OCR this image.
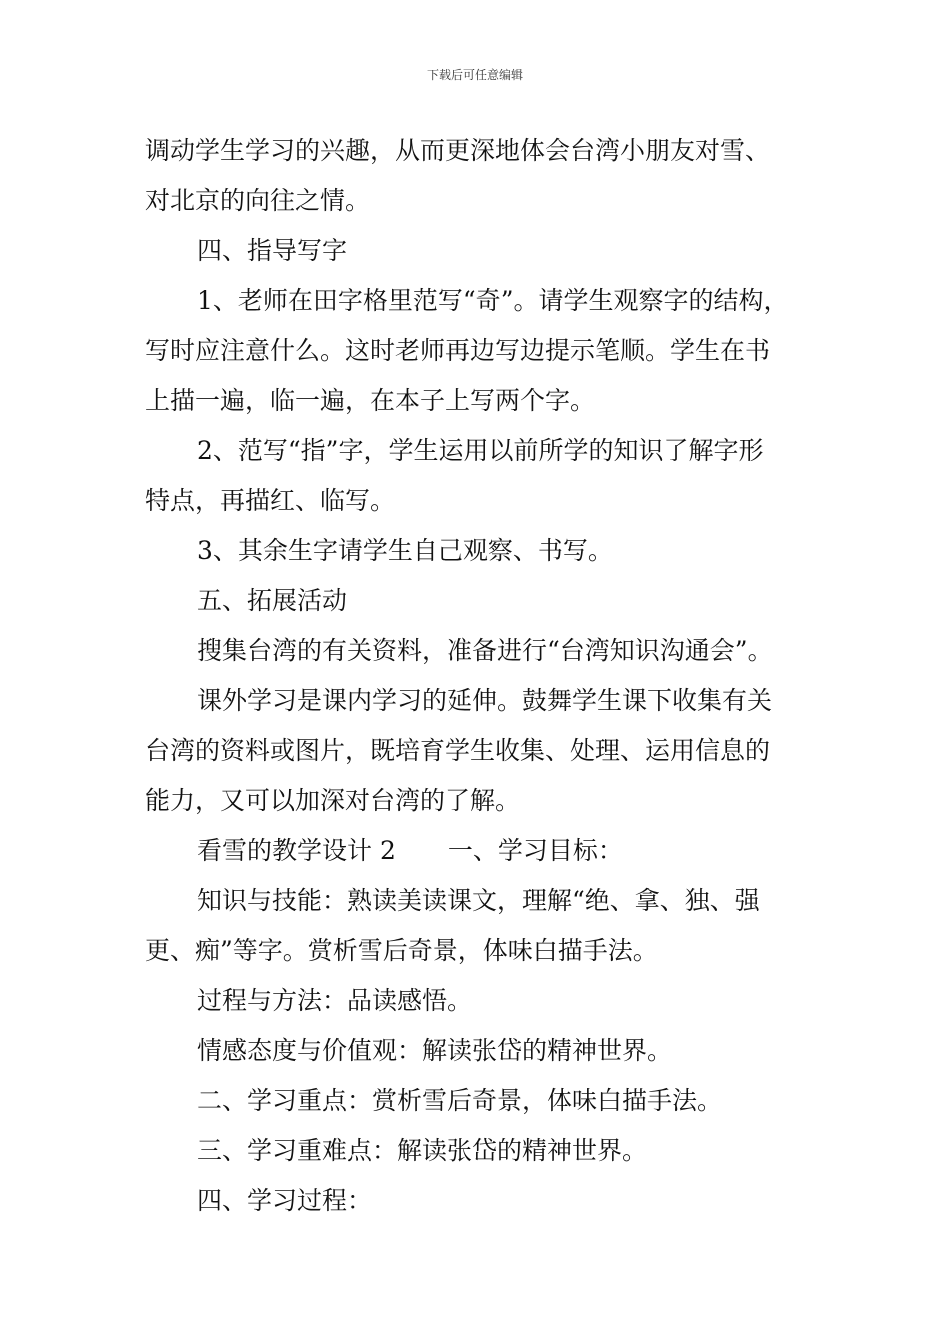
下载后可任意编辑
调动学生学习的兴趣，从而更深地体会台湾小朋友对雪、
对北京的向往之情。
四、指导写字
1、老师在田字格里范写“奇”。请学生观察字的结构，
写时应注意什么。这时老师再边写边提示笔顺。学生在书
上描一遍，临一遍，在本子上写两个字。
2、范写“指”字，学生运用以前所学的知识了解字形
特点，再描红、临写。
3、其余生字请学生自己观察、书写。
五、拓展活动
搜集台湾的有关资料，准备进行“台湾知识沟通会”。
课外学习是课内学习的延伸。鼓舞学生课下收集有关
台湾的资料或图片，既培育学生收集、处理、运用信息的
能力，又可以加深对台湾的了解。
看雪的教学设计 2 一、学习目标：
知识与技能：熟读美读课文，理解“绝、拿、独、强
更、痴”等字。赏析雪后奇景，体味白描手法。
过程与方法：品读感悟。
情感态度与价值观：解读张岱的精神世界。
二、学习重点：赏析雪后奇景，体味白描手法。
三、学习重难点：解读张岱的精神世界。
四、学习过程：
